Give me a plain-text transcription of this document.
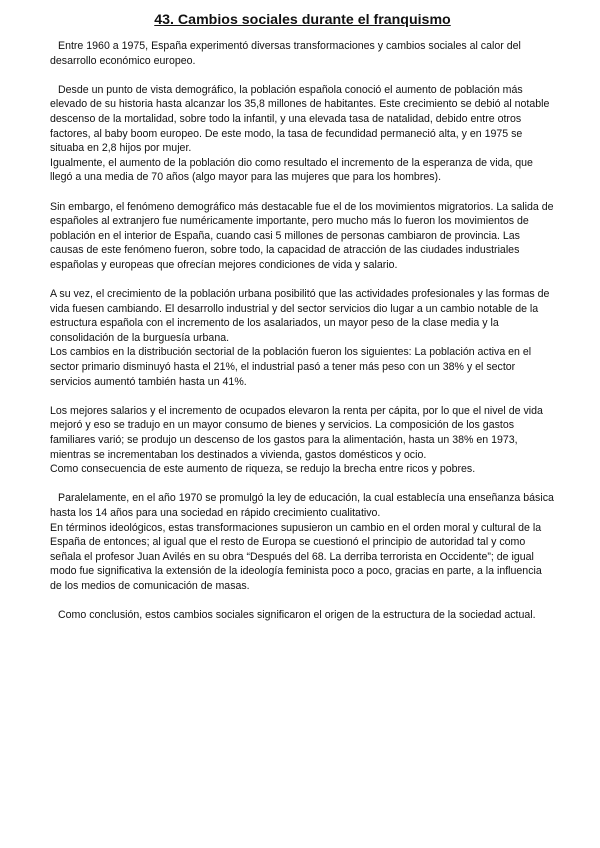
43. Cambios sociales durante el franquismo

Entre 1960 a 1975, España experimentó diversas transformaciones y cambios sociales al calor del desarrollo económico europeo.

Desde un punto de vista demográfico, la población española conoció el aumento de población más elevado de su historia hasta alcanzar los 35,8 millones de habitantes. Este crecimiento se debió al notable descenso de la mortalidad, sobre todo la infantil, y una elevada tasa de natalidad, debido entre otros factores, al baby boom europeo. De este modo, la tasa de fecundidad permaneció alta, y en 1975 se situaba en 2,8 hijos por mujer.

Igualmente, el aumento de la población dio como resultado el incremento de la esperanza de vida, que llegó a una media de 70 años (algo mayor para las mujeres que para los hombres).

Sin embargo, el fenómeno demográfico más destacable fue el de los movimientos migratorios. La salida de españoles al extranjero fue numéricamente importante, pero mucho más lo fueron los movimientos de población en el interior de España, cuando casi 5 millones de personas cambiaron de provincia. Las causas de este fenómeno fueron, sobre todo, la capacidad de atracción de las ciudades industriales españolas y europeas que ofrecían mejores condiciones de vida y salario.

A su vez, el crecimiento de la población urbana posibilitó que las actividades profesionales y las formas de vida fuesen cambiando. El desarrollo industrial y del sector servicios dio lugar a un cambio notable de la estructura española con el incremento de los asalariados, un mayor peso de la clase media y la consolidación de la burguesía urbana.

Los cambios en la distribución sectorial de la población fueron los siguientes: La población activa en el sector primario disminuyó hasta el 21%, el industrial pasó a tener más peso con un 38% y el sector servicios aumentó también hasta un 41%.

Los mejores salarios y el incremento de ocupados elevaron la renta per cápita, por lo que el nivel de vida mejoró y eso se tradujo en un mayor consumo de bienes y servicios. La composición de los gastos familiares varió; se produjo un descenso de los gastos para la alimentación, hasta un 38% en 1973, mientras se incrementaban los destinados a vivienda, gastos domésticos y ocio.

Como consecuencia de este aumento de riqueza, se redujo la brecha entre ricos y pobres.

Paralelamente, en el año 1970 se promulgó la ley de educación, la cual establecía una enseñanza básica hasta los 14 años para una sociedad en rápido crecimiento cualitativo.

En términos ideológicos, estas transformaciones supusieron un cambio en el orden moral y cultural de la España de entonces; al igual que el resto de Europa se cuestionó el principio de autoridad tal y como señala el profesor Juan Avilés en su obra “Después del 68. La derriba terrorista en Occidente”; de igual modo fue significativa la extensión de la ideología feminista poco a poco, gracias en parte, a la influencia de los medios de comunicación de masas.

Como conclusión, estos cambios sociales significaron el origen de la estructura de la sociedad actual.
